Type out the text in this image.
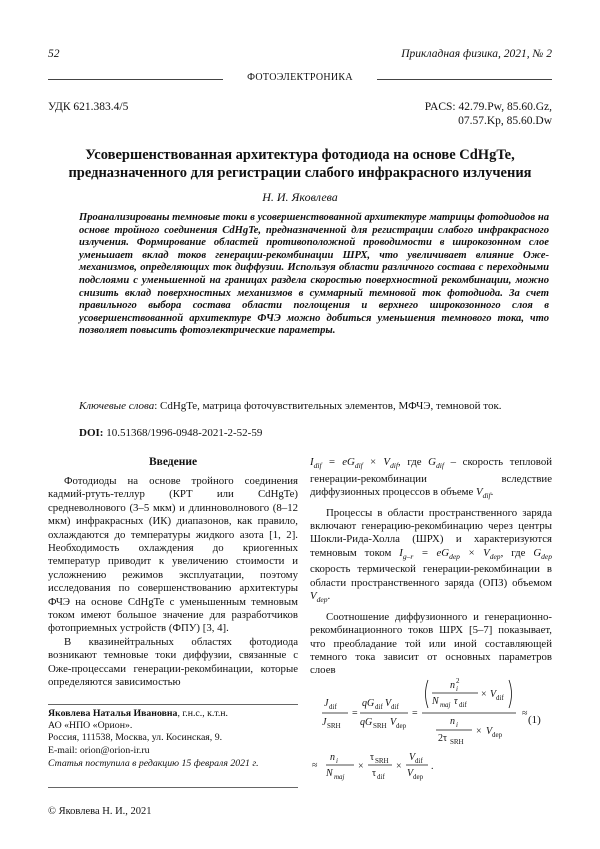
52	Прикладная физика, 2021, № 2
ФОТОЭЛЕКТРОНИКА
УДК 621.383.4/5	PACS: 42.79.Pw, 85.60.Gz,
07.57.Kp, 85.60.Dw
Усовершенствованная архитектура фотодиода на основе CdHgTe,
предназначенного для регистрации слабого инфракрасного излучения
Н. И. Яковлева
Проанализированы темновые токи в усовершенствованной архитектуре матрицы фотодиодов на основе тройного соединения CdHgTe, предназначенной для регистрации слабого инфракрасного излучения. Формирование областей противоположной проводимости в широкозонном слое уменьшает вклад токов генерации-рекомбинации ШРХ, что увеличивает влияние Оже-механизмов, определяющих ток диффузии. Используя области различного состава с переходными подслоями с уменьшенной на границах раздела скоростью поверхностной рекомбинации, можно снизить вклад поверхностных механизмов в суммарный темновой ток фотодиода. За счет правильного выбора состава области поглощения и верхнего широкозонного слоя в усовершенствованной архитектуре ФЧЭ можно добиться уменьшения темнового тока, что позволяет повысить фотоэлектрические параметры.
Ключевые слова: CdHgTe, матрица фоточувствительных элементов, МФЧЭ, темновой ток.
DOI: 10.51368/1996-0948-2021-2-52-59
Введение

Фотодиоды на основе тройного соединения кадмий-ртуть-теллур (КРТ или CdHgTe) средневолнового (3–5 мкм) и длинноволнового (8–12 мкм) инфракрасных (ИК) диапазонов, как правило, охлаждаются до температуры жидкого азота [1, 2]. Необходимость охлаждения до криогенных температур приводит к увеличению стоимости и усложнению режимов эксплуатации, поэтому исследования по совершенствованию архитектуры ФЧЭ на основе CdHgTe с уменьшенным темновым током имеют большое значение для разработчиков фотоприемных устройств (ФПУ) [3, 4].

В квазинейтральных областях фотодиода возникают темновые токи диффузии, связанные с Оже-процессами генерации-рекомбинации, которые определяются зависимостью

$I_{dif} = eG_{dif} \times V_{dif}$, где $G_{dif}$ – скорость тепловой генерации-рекомбинации вследствие диффузионных процессов в объеме $V_{dif}$.

Процессы в области пространственного заряда включают генерацию-рекомбинацию через центры Шокли-Рида-Холла (ШРХ) и характеризуются темновым током $I_{g-r} = eG_{dep} \times V_{dep}$, где $G_{dep}$ скорость термической генерации-рекомбинации в области пространственного заряда (ОПЗ) объемом $V_{dep}$.

Соотношение диффузионного и генерационно-рекомбинационного токов ШРХ [5–7] показывает, что преобладание той или иной составляющей темного тока зависит от основных параметров слоев

J dif
J SRH
=
qG dif V dif
qG SRH V dep
=
n i
2
N maj τ dif
× V dif
n i
2τ SRH
× V dep
≈
≈
n i
N maj
×
τ SRH
τ dif
×
V dif
V dep
.
(1)
Яковлева Наталья Ивановна, г.н.с., к.т.н.
АО «НПО «Орион».
Россия, 111538, Москва, ул. Косинская, 9.
E-mail: orion@orion-ir.ru
Статья поступила в редакцию 15 февраля 2021 г.
© Яковлева Н. И., 2021
